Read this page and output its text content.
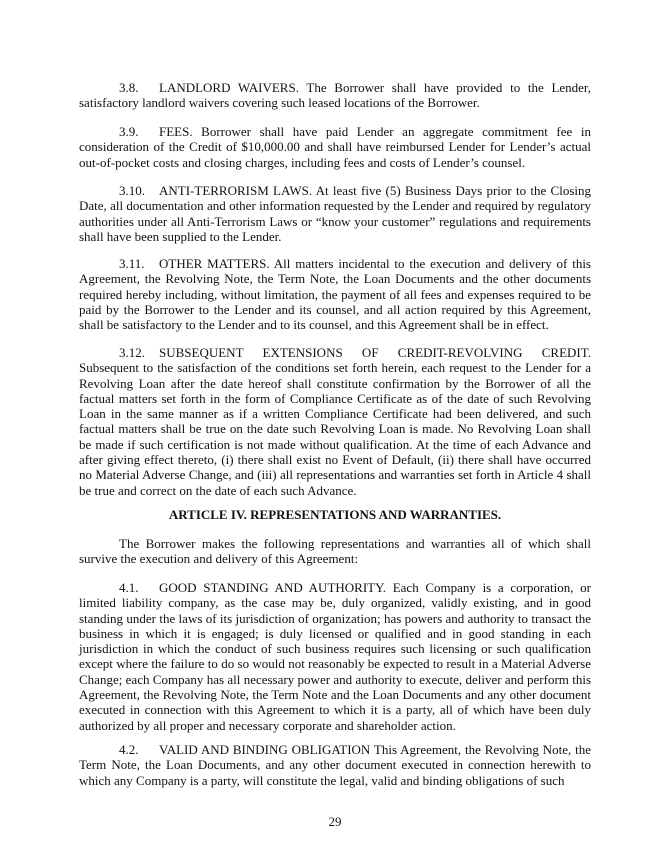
3.8. LANDLORD WAIVERS. The Borrower shall have provided to the Lender, satisfactory landlord waivers covering such leased locations of the Borrower.

3.9. FEES. Borrower shall have paid Lender an aggregate commitment fee in consideration of the Credit of $10,000.00 and shall have reimbursed Lender for Lender’s actual out-of-pocket costs and closing charges, including fees and costs of Lender’s counsel.

3.10. ANTI-TERRORISM LAWS. At least five (5) Business Days prior to the Closing Date, all documentation and other information requested by the Lender and required by regulatory authorities under all Anti-Terrorism Laws or “know your customer” regulations and requirements shall have been supplied to the Lender.

3.11. OTHER MATTERS. All matters incidental to the execution and delivery of this Agreement, the Revolving Note, the Term Note, the Loan Documents and the other documents required hereby including, without limitation, the payment of all fees and expenses required to be paid by the Borrower to the Lender and its counsel, and all action required by this Agreement, shall be satisfactory to the Lender and to its counsel, and this Agreement shall be in effect.

3.12. SUBSEQUENT EXTENSIONS OF CREDIT-REVOLVING CREDIT.
Subsequent to the satisfaction of the conditions set forth herein, each request to the Lender for a Revolving Loan after the date hereof shall constitute confirmation by the Borrower of all the factual matters set forth in the form of Compliance Certificate as of the date of such Revolving Loan in the same manner as if a written Compliance Certificate had been delivered, and such factual matters shall be true on the date such Revolving Loan is made. No Revolving Loan shall be made if such certification is not made without qualification. At the time of each Advance and after giving effect thereto, (i) there shall exist no Event of Default, (ii) there shall have occurred no Material Adverse Change, and (iii) all representations and warranties set forth in Article 4 shall be true and correct on the date of each such Advance.

ARTICLE IV. REPRESENTATIONS AND WARRANTIES.

The Borrower makes the following representations and warranties all of which shall survive the execution and delivery of this Agreement:

4.1. GOOD STANDING AND AUTHORITY. Each Company is a corporation, or limited liability company, as the case may be, duly organized, validly existing, and in good standing under the laws of its jurisdiction of organization; has powers and authority to transact the business in which it is engaged; is duly licensed or qualified and in good standing in each jurisdiction in which the conduct of such business requires such licensing or such qualification except where the failure to do so would not reasonably be expected to result in a Material Adverse Change; each Company has all necessary power and authority to execute, deliver and perform this Agreement, the Revolving Note, the Term Note and the Loan Documents and any other document executed in connection with this Agreement to which it is a party, all of which have been duly authorized by all proper and necessary corporate and shareholder action.

4.2. VALID AND BINDING OBLIGATION This Agreement, the Revolving Note, the Term Note, the Loan Documents, and any other document executed in connection herewith to which any Company is a party, will constitute the legal, valid and binding obligations of such

29
